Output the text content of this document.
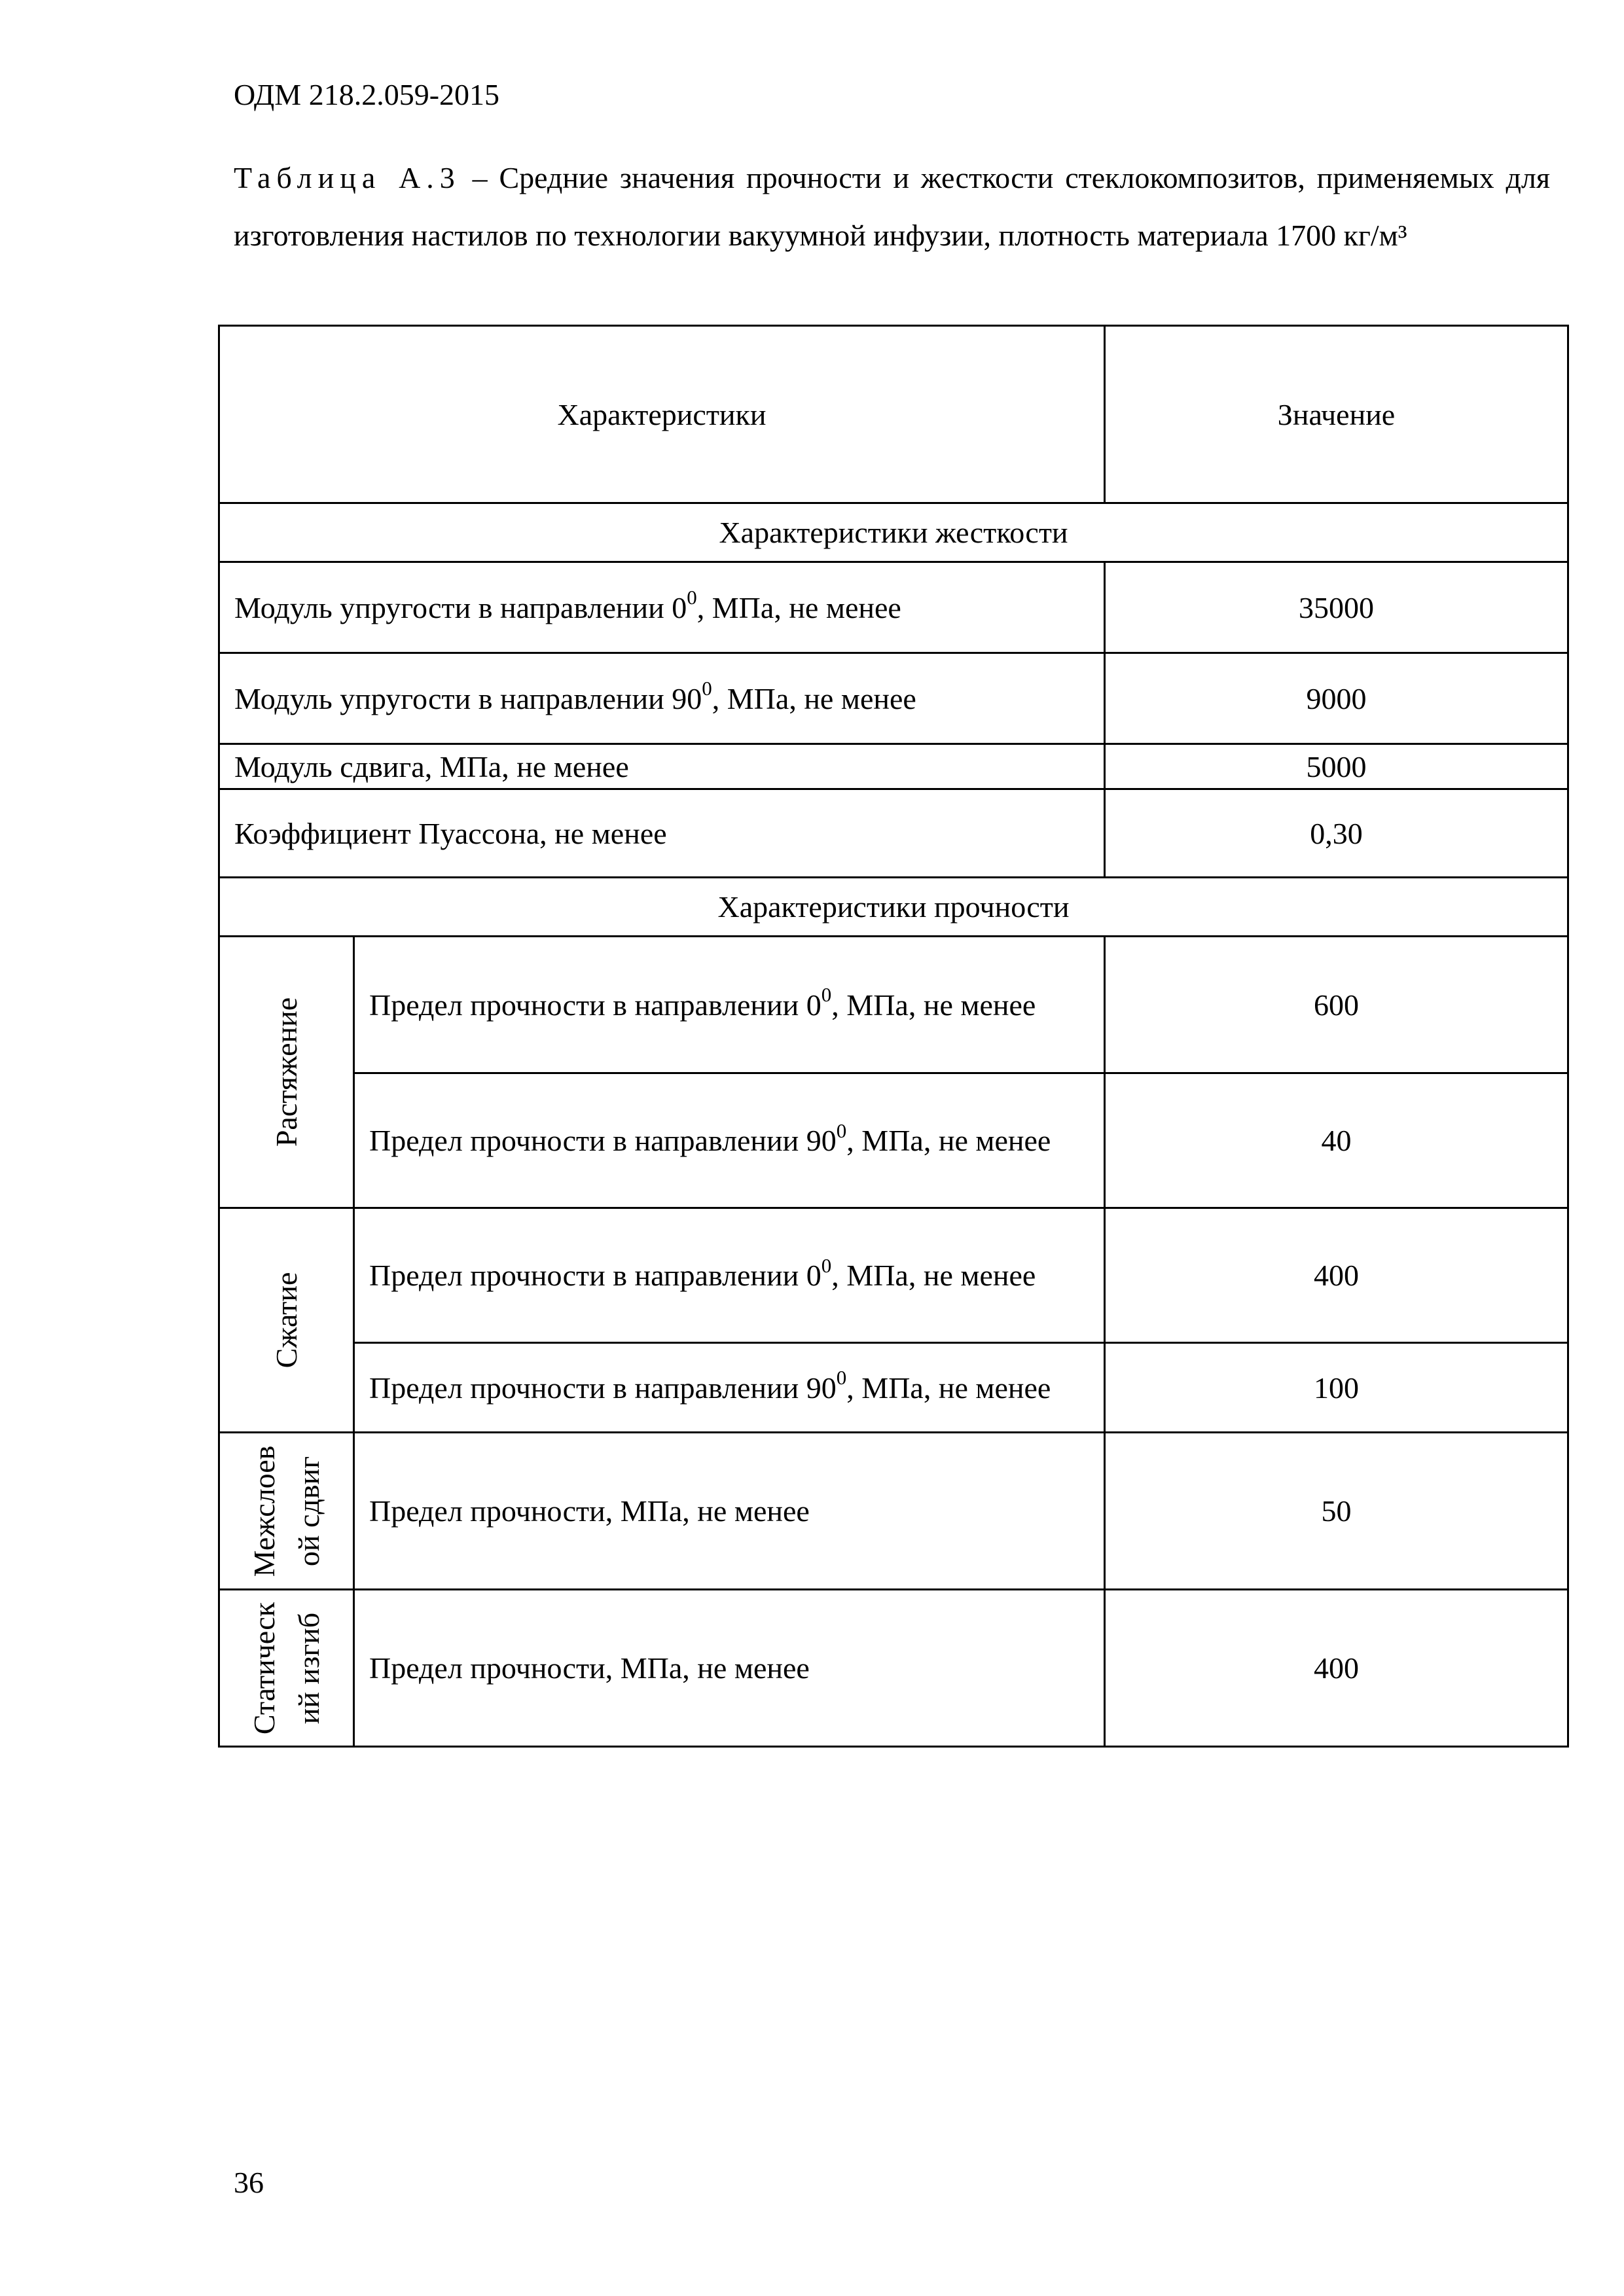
ОДМ 218.2.059-2015
Таблица А.3 – Средние значения прочности и жесткости стеклокомпозитов, применяемых для изготовления настилов по технологии вакуумной инфузии, плотность материала 1700 кг/м³
Характеристики		Значение
Характеристики жесткости		
Модуль упругости в направлении $0^0$, МПа, не менее		35000
Модуль упругости в направлении $90^0$, МПа, не менее		9000
Модуль сдвига, МПа, не менее		5000
Коэффициент Пуассона, не менее		0,30
Характеристики прочности		

Растяжение	Предел прочности в направлении $0^0$, МПа, не менее	600
	Предел прочности в направлении $90^0$, МПа, не менее	40

Сжатие	Предел прочности в направлении $0^0$, МПа, не менее	400
	Предел прочности в направлении $90^0$, МПа, не менее	100

Межслоев ой сдвиг	Предел прочности, МПа, не менее	50

Статическ ий изгиб	Предел прочности, МПа, не менее	400
36
